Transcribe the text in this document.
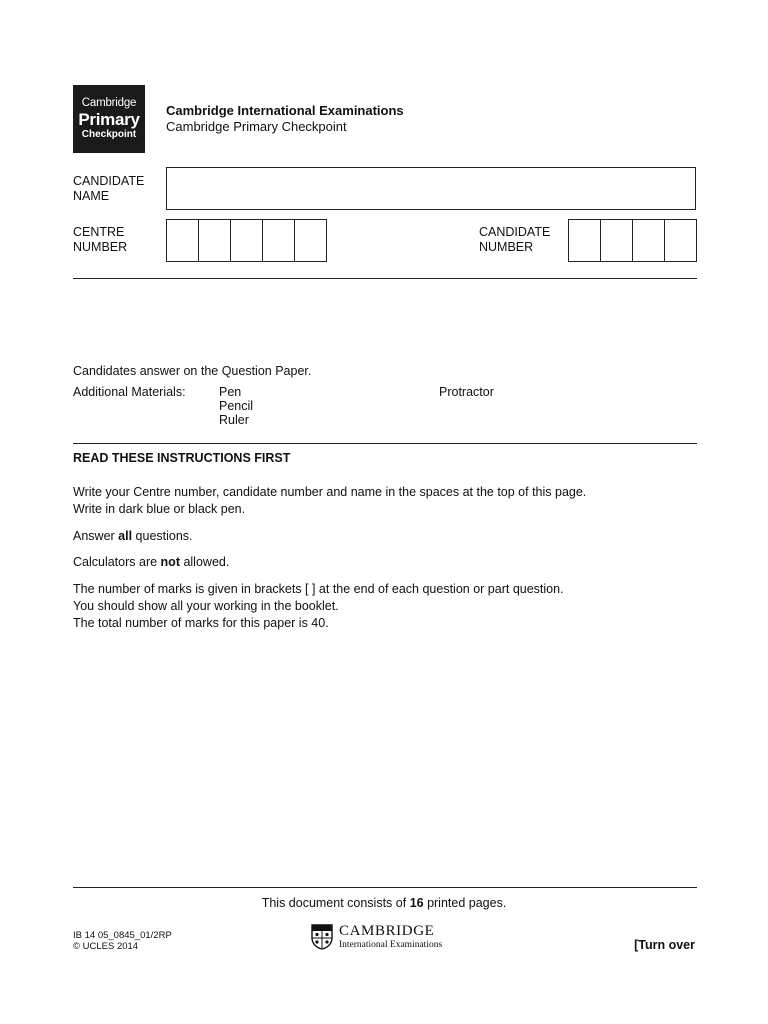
Cambridge
Primary
Checkpoint
Cambridge International Examinations
Cambridge Primary Checkpoint
CANDIDATE
NAME
CENTRE
NUMBER
CANDIDATE
NUMBER
Candidates answer on the Question Paper.
Additional Materials:	Pen
Pencil
Ruler
Protractor
READ THESE INSTRUCTIONS FIRST
Write your Centre number, candidate number and name in the spaces at the top of this page.
Write in dark blue or black pen.
Answer all questions.
Calculators are not allowed.
The number of marks is given in brackets [ ] at the end of each question or part question.
You should show all your working in the booklet.
The total number of marks for this paper is 40.
This document consists of 16 printed pages.
IB 14 05_0845_01/2RP
© UCLES 2014
CAMBRIDGE
International Examinations	[Turn over
